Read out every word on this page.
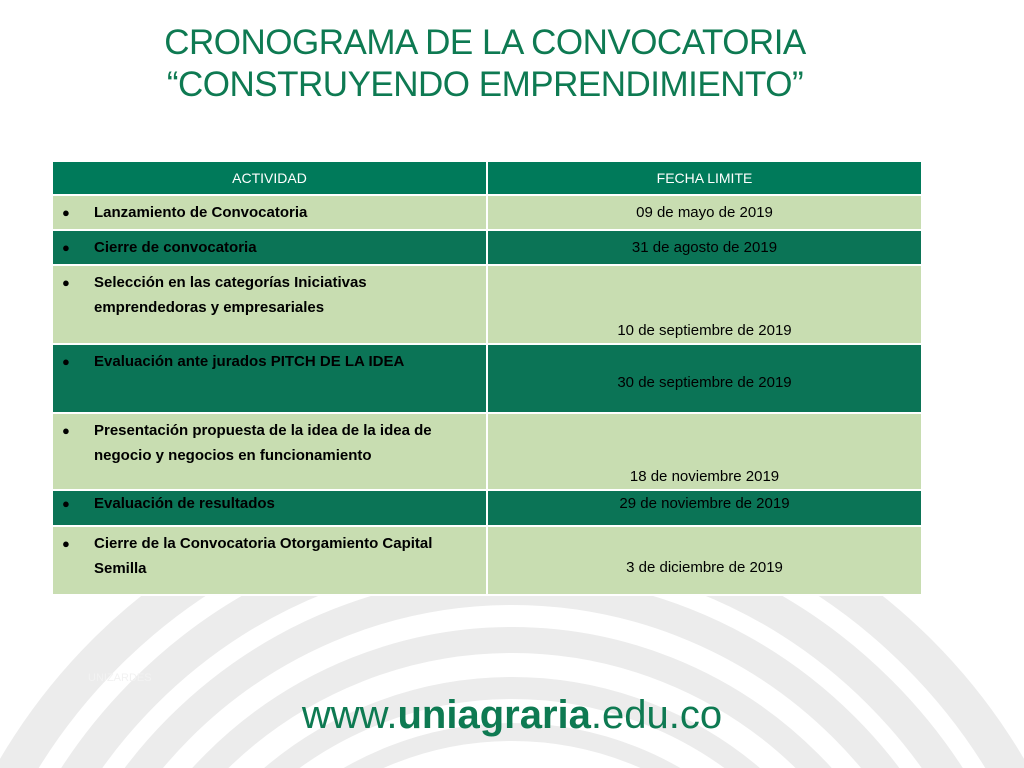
UNIZARDES
CRONOGRAMA DE LA CONVOCATORIA
“CONSTRUYENDO EMPRENDIMIENTO”
ACTIVIDAD	FECHA LIMITE

● Lanzamiento de Convocatoria	09 de mayo de 2019

● Cierre de convocatoria	31 de agosto de 2019

● Selección en las categorías Iniciativas emprendedoras y empresariales	10 de septiembre de 2019

● Evaluación ante jurados PITCH DE LA IDEA	30 de septiembre de 2019

● Presentación propuesta de la idea de la idea de negocio y negocios en funcionamiento	18 de noviembre 2019

● Evaluación de resultados	29 de noviembre de 2019

● Cierre de la Convocatoria Otorgamiento Capital Semilla	3 de diciembre de 2019
www.uniagraria.edu.co
